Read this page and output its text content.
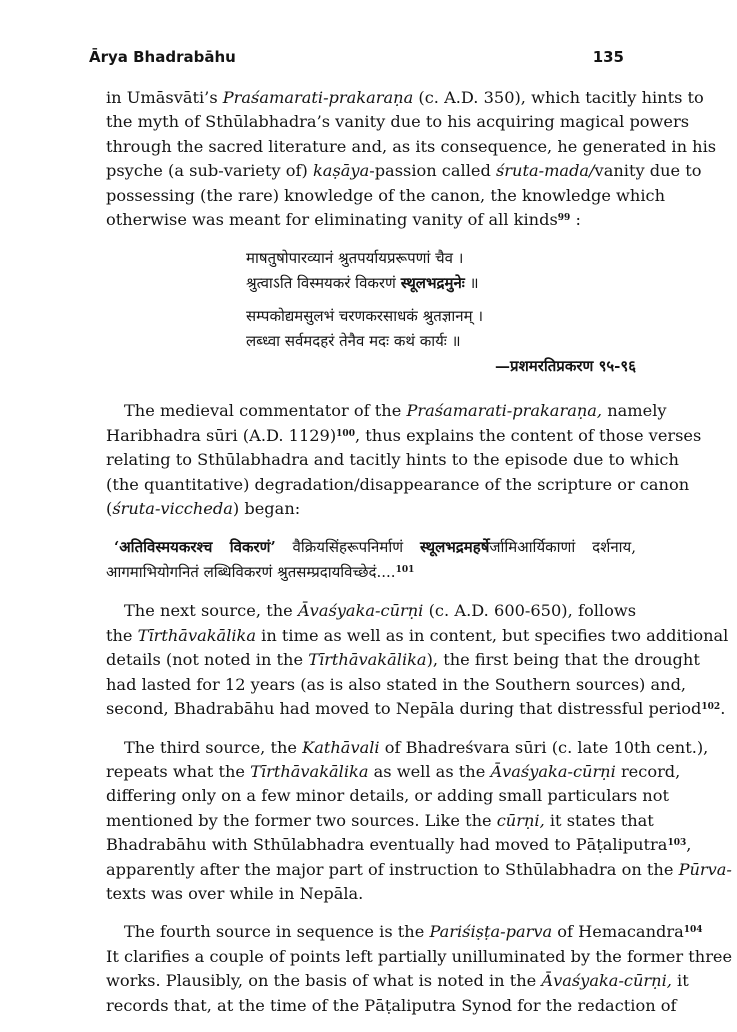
Ārya Bhadrabāhu	135
in Umāsvāti’s Praśamarati-prakaraṇa (c. A.D. 350), which tacitly hints to
the myth of Sthūlabhadra’s vanity due to his acquiring magical powers
through the sacred literature and, as its consequence, he generated in his
psyche (a sub-variety of) kaṣāya-passion called śruta-mada/vanity due to
possessing (the rare) knowledge of the canon, the knowledge which
otherwise was meant for eliminating vanity of all kinds$^{99}$ :
माषतुषोपारव्यानं श्रुतपर्यायप्ररूपणां चैव ।
श्रुत्वाऽति विस्मयकरं विकरणं स्थूलभद्रमुनेः ॥
सम्पकोद्यमसुलभं चरणकरसाधकं श्रुतज्ञानम् ।
लब्ध्वा सर्वमदहरं तेनैव मदः कथं कार्यः ॥
—प्रशमरतिप्रकरण ९५-९६
The medieval commentator of the Praśamarati-prakaraṇa, namely
Haribhadra sūri (A.D. 1129)$^{100}$, thus explains the content of those verses
relating to Sthūlabhadra and tacitly hints to the episode due to which
(the quantitative) degradation/disappearance of the scripture or canon
(śruta-viccheda) began:
‘अतिविस्मयकरश्च विकरणं’ वैक्रियसिंहरूपनिर्माणं स्थूलभद्रमहर्षेर्जामिआर्यिकाणां दर्शनाय,
आगमाभियोगनितं लब्धिविकरणं श्रुतसम्प्रदायविच्छेदं....$^{101}$
The next source, the Āvaśyaka-cūrṇi (c. A.D. 600-650), follows
the Tīrthāvakālika in time as well as in content, but specifies two additional
details (not noted in the Tīrthāvakālika), the first being that the drought
had lasted for 12 years (as is also stated in the Southern sources) and,
second, Bhadrabāhu had moved to Nepāla during that distressful period$^{102}$.
The third source, the Kathāvali of Bhadreśvara sūri (c. late 10th cent.),
repeats what the Tīrthāvakālika as well as the Āvaśyaka-cūrṇi record,
differing only on a few minor details, or adding small particulars not
mentioned by the former two sources. Like the cūrṇi, it states that
Bhadrabāhu with Sthūlabhadra eventually had moved to Pāṭaliputra$^{103}$,
apparently after the major part of instruction to Sthūlabhadra on the Pūrva-
texts was over while in Nepāla.
The fourth source in sequence is the Pariśiṣṭa-parva of Hemacandra$^{104}$
It clarifies a couple of points left partially unilluminated by the former three
works. Plausibly, on the basis of what is noted in the Āvaśyaka-cūrṇi, it
records that, at the time of the Pāṭaliputra Synod for the redaction of
